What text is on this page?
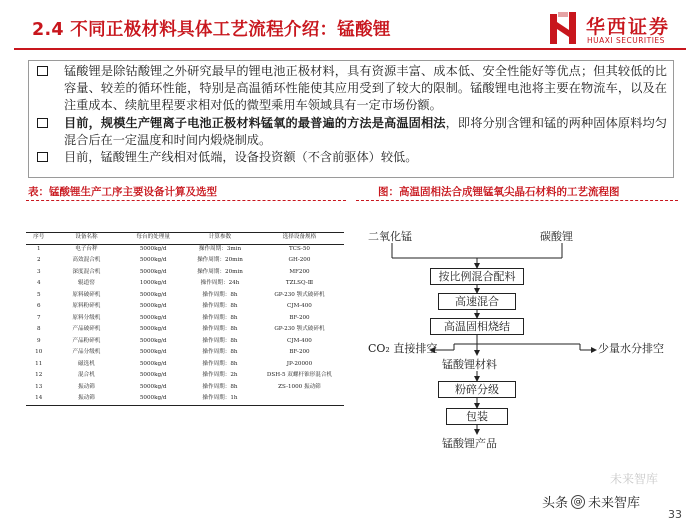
2.4 不同正极材料具体工艺流程介绍：锰酸锂	华西证券
HUAXI SECURITIES
锰酸锂是除钴酸锂之外研究最早的锂电池正极材料，具有资源丰富、成本低、安全性能好等优点；但其较低的比容量、较差的循环性能，特别是高温循环性能使其应用受到了较大的限制。锰酸锂电池将主要在物流车，以及在注重成本、续航里程要求相对低的微型乘用车领域具有一定市场份额。
目前，规模生产锂离子电池正极材料锰氧的最普遍的方法是高温固相法，即将分别含锂和锰的两种固体原料均匀混合后在一定温度和时间内煅烧制成。
目前，锰酸锂生产线相对低端，设备投资额（不含前驱体）较低。
表：锰酸锂生产工序主要设备计算及选型	图：高温固相法合成锂锰氧尖晶石材料的工艺流程图
序号	设备名称	每台的处理量	计算参数	选择设备规格
1	电子台秤	5000kg/d	操作周期：3min	TCS-50
2	高效混合机	5000kg/d	操作周期：20min	GH-200
3	深度混合机	5000kg/d	操作周期：20min	MF200
4	辊道窑	1000kg/d	操作周期：24h	TZLSQ-Ⅲ
5	原料破碎机	5000kg/d	操作周期：8h	GP-230 颚式破碎机
6	原料粉碎机	5000kg/d	操作周期：8h	CJM-400
7	原料分级机	5000kg/d	操作周期：8h	BF-200
8	产品破碎机	5000kg/d	操作周期：8h	GP-230 颚式破碎机
9	产品粉碎机	5000kg/d	操作周期：8h	CJM-400
10	产品分级机	5000kg/d	操作周期：8h	BF-200
11	磁选机	5000kg/d	操作周期：8h	JP-20000
12	混合机	5000kg/d	操作周期：2h	DSH-5 双螺杆锥形混合机
13	振动筛	5000kg/d	操作周期：8h	ZS-1000 振动筛
14	振动筛	5000kg/d	操作周期：1h	
二氧化锰	碳酸锂
按比例混合配料
高速混合
高温固相烧结
锰酸锂材料
粉碎分级
包装
锰酸锂产品
CO₂ 直接排空	少量水分排空
未来智库
头条 @ 未来智库
33
